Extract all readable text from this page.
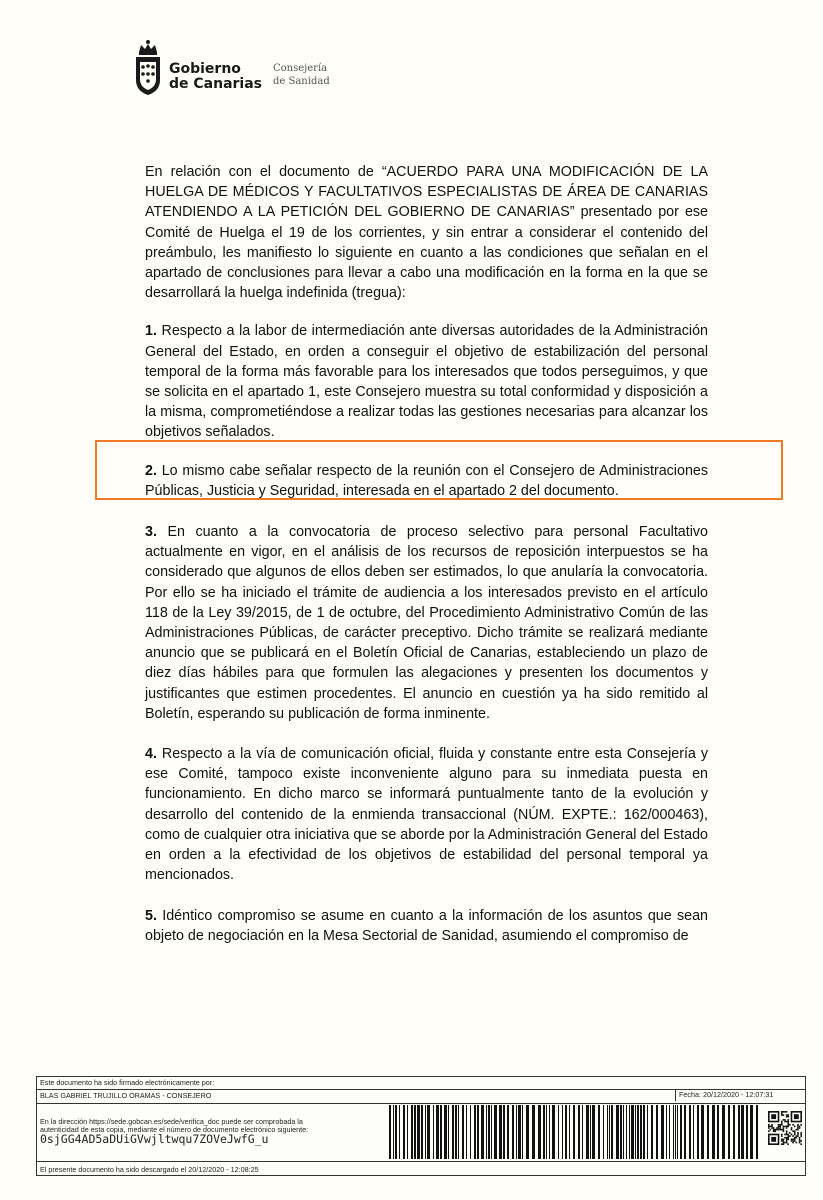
Gobierno
de Canarias
Consejería
de Sanidad

En relación con el documento de “ACUERDO PARA UNA MODIFICACIÓN DE LA HUELGA DE MÉDICOS Y FACULTATIVOS ESPECIALISTAS DE ÁREA DE CANARIAS ATENDIENDO A LA PETICIÓN DEL GOBIERNO DE CANARIAS” presentado por ese Comité de Huelga el 19 de los corrientes, y sin entrar a considerar el contenido del preámbulo, les manifiesto lo siguiente en cuanto a las condiciones que señalan en el apartado de conclusiones para llevar a cabo una modificación en la forma en la que se desarrollará la huelga indefinida (tregua):

1. Respecto a la labor de intermediación ante diversas autoridades de la Administración General del Estado, en orden a conseguir el objetivo de estabilización del personal temporal de la forma más favorable para los interesados que todos perseguimos, y que se solicita en el apartado 1, este Consejero muestra su total conformidad y disposición a la misma, comprometiéndose a realizar todas las gestiones necesarias para alcanzar los objetivos señalados.

2. Lo mismo cabe señalar respecto de la reunión con el Consejero de Administraciones Públicas, Justicia y Seguridad, interesada en el apartado 2 del documento.

3. En cuanto a la convocatoria de proceso selectivo para personal Facultativo actualmente en vigor, en el análisis de los recursos de reposición interpuestos se ha considerado que algunos de ellos deben ser estimados, lo que anularía la convocatoria. Por ello se ha iniciado el trámite de audiencia a los interesados previsto en el artículo 118 de la Ley 39/2015, de 1 de octubre, del Procedimiento Administrativo Común de las Administraciones Públicas, de carácter preceptivo. Dicho trámite se realizará mediante anuncio que se publicará en el Boletín Oficial de Canarias, estableciendo un plazo de diez días hábiles para que formulen las alegaciones y presenten los documentos y justificantes que estimen procedentes. El anuncio en cuestión ya ha sido remitido al Boletín, esperando su publicación de forma inminente.

4. Respecto a la vía de comunicación oficial, fluida y constante entre esta Consejería y ese Comité, tampoco existe inconveniente alguno para su inmediata puesta en funcionamiento. En dicho marco se informará puntualmente tanto de la evolución y desarrollo del contenido de la enmienda transaccional (NÚM. EXPTE.: 162/000463), como de cualquier otra iniciativa que se aborde por la Administración General del Estado en orden a la efectividad de los objetivos de estabilidad del personal temporal ya mencionados.

5. Idéntico compromiso se asume en cuanto a la información de los asuntos que sean objeto de negociación en la Mesa Sectorial de Sanidad, asumiendo el compromiso de

Este documento ha sido firmado electrónicamente por:
BLAS GABRIEL TRUJILLO ORAMAS - CONSEJERO	Fecha: 20/12/2020 - 12:07:31
En la dirección https://sede.gobcan.es/sede/verifica_doc puede ser comprobada la
autenticidad de esta copia, mediante el número de documento electrónico siguiente:
0sjGG4AD5aDUiGVwjltwqu7ZOVeJwfG_u
El presente documento ha sido descargado el 20/12/2020 - 12:08:25
